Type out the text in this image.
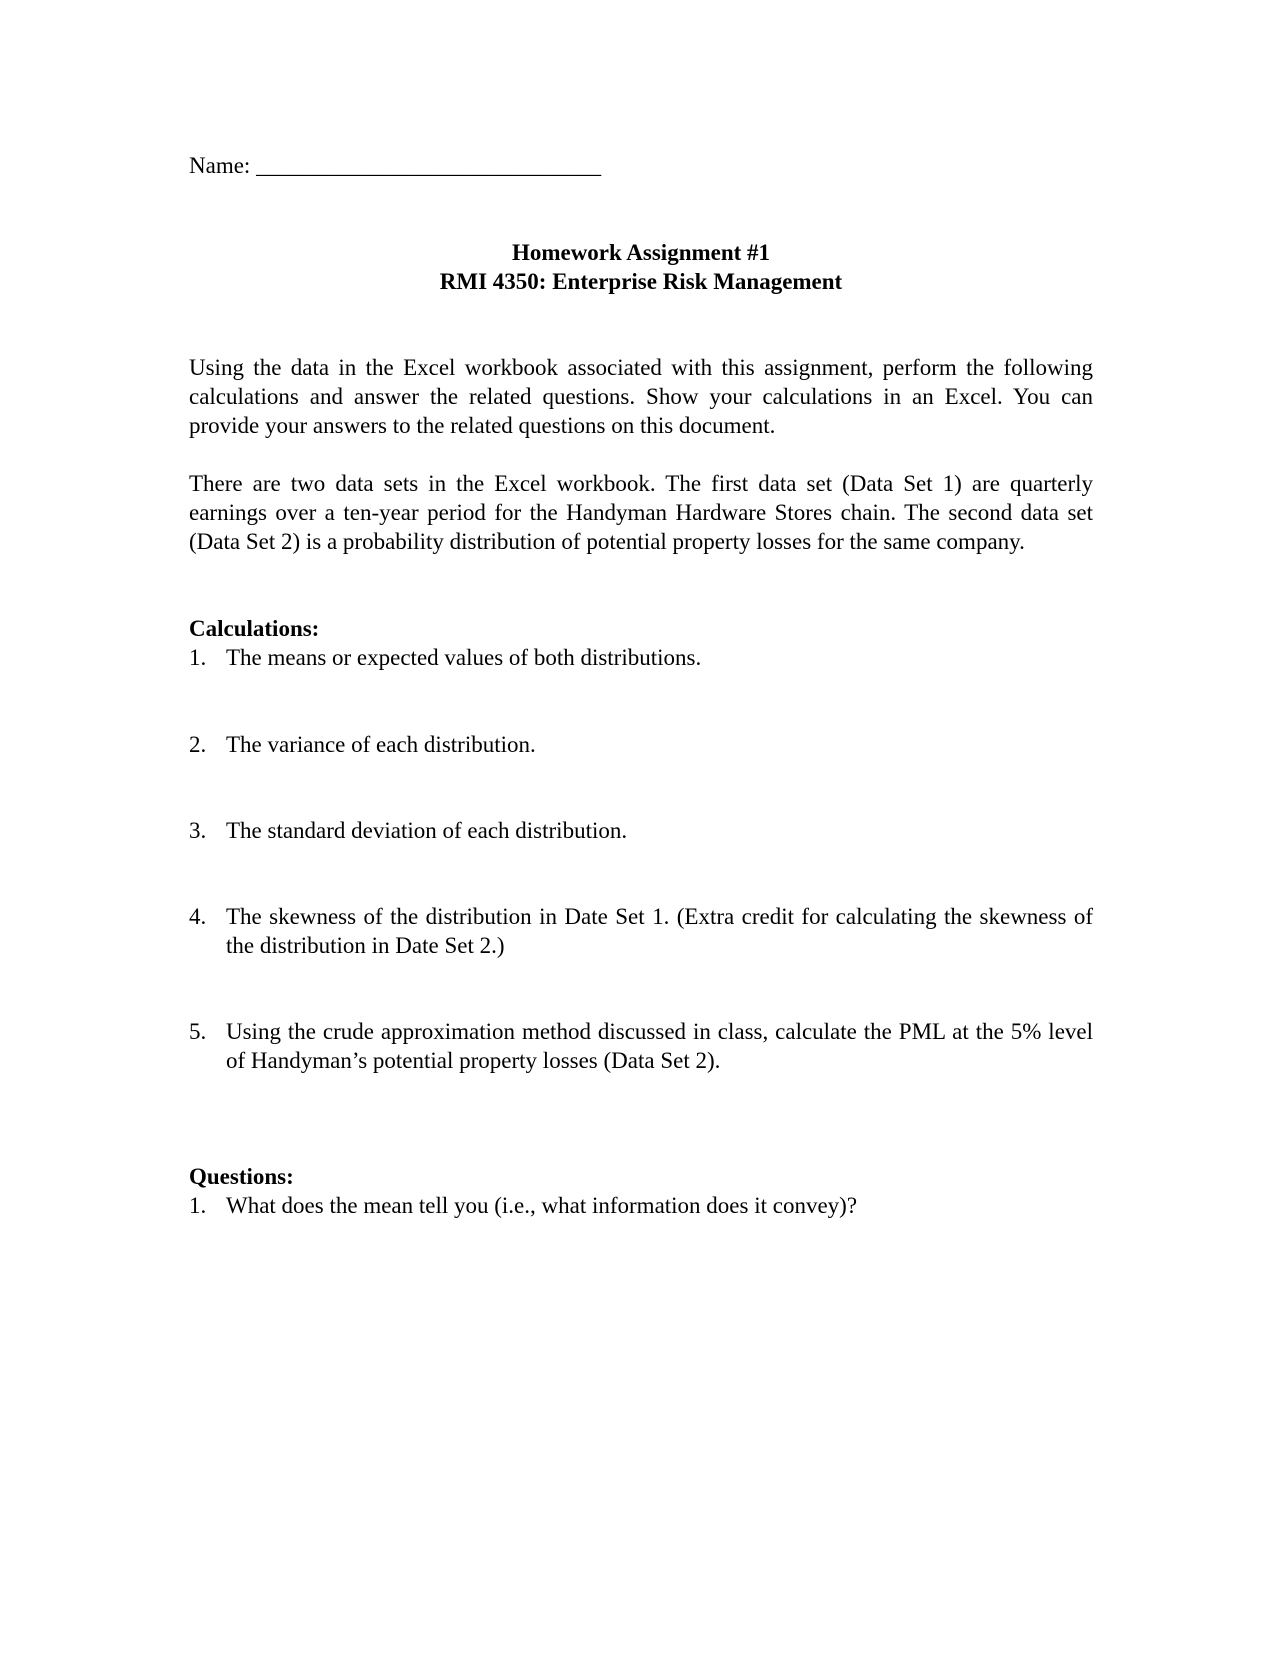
Name: ______________________________
Homework Assignment #1
RMI 4350: Enterprise Risk Management
Using the data in the Excel workbook associated with this assignment, perform the following calculations and answer the related questions. Show your calculations in an Excel. You can provide your answers to the related questions on this document.
There are two data sets in the Excel workbook. The first data set (Data Set 1) are quarterly earnings over a ten-year period for the Handyman Hardware Stores chain. The second data set (Data Set 2) is a probability distribution of potential property losses for the same company.
Calculations:
1. The means or expected values of both distributions.
2. The variance of each distribution.
3. The standard deviation of each distribution.
4. The skewness of the distribution in Date Set 1. (Extra credit for calculating the skewness of the distribution in Date Set 2.)
5. Using the crude approximation method discussed in class, calculate the PML at the 5% level of Handyman’s potential property losses (Data Set 2).
Questions:
1. What does the mean tell you (i.e., what information does it convey)?
